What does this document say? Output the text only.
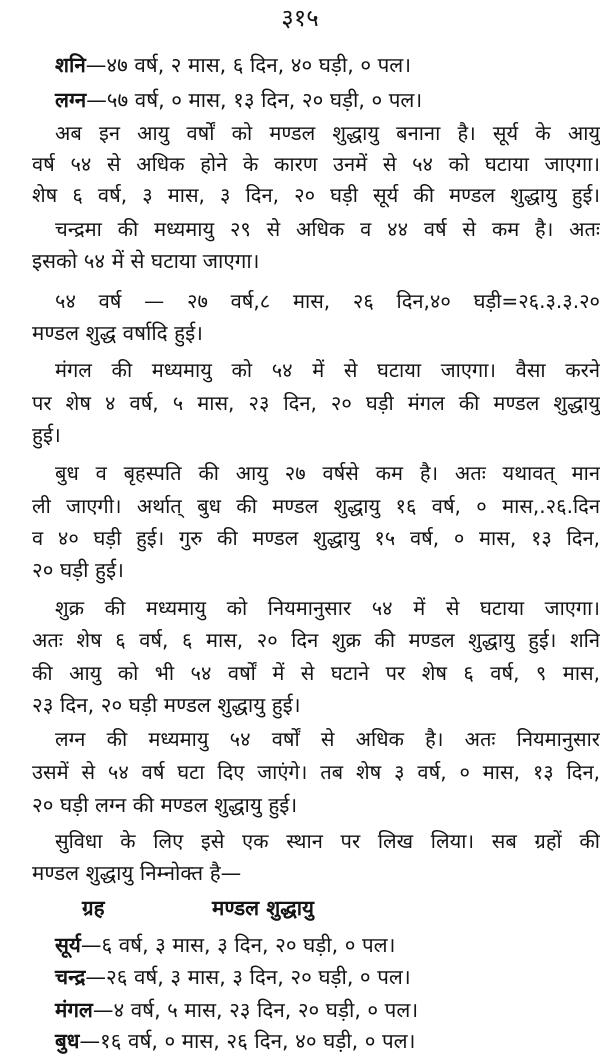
३१५
शनि—४७ वर्ष, २ मास, ६ दिन, ४० घड़ी, ० पल।
लग्न—५७ वर्ष, ० मास, १३ दिन, २० घड़ी, ० पल।
अब इन आयु वर्षों को मण्डल शुद्धायु बनाना है। सूर्य के आयु
वर्ष ५४ से अधिक होने के कारण उनमें से ५४ को घटाया जाएगा।
शेष ६ वर्ष, ३ मास, ३ दिन, २० घड़ी सूर्य की मण्डल शुद्धायु हुई।
चन्द्रमा की मध्यमायु २९ से अधिक व ४४ वर्ष से कम है। अतः
इसको ५४ में से घटाया जाएगा।
५४ वर्ष — २७ वर्ष,८ मास, २६ दिन,४० घड़ी=२६.३.३.२०
मण्डल शुद्ध वर्षादि हुई।
मंगल की मध्यमायु को ५४ में से घटाया जाएगा। वैसा करने
पर शेष ४ वर्ष, ५ मास, २३ दिन, २० घड़ी मंगल की मण्डल शुद्धायु
हुई।
बुध व बृहस्पति की आयु २७ वर्षसे कम है। अतः यथावत् मान
ली जाएगी। अर्थात् बुध की मण्डल शुद्धायु १६ वर्ष, ० मास,.२६.दिन
व ४० घड़ी हुई। गुरु की मण्डल शुद्धायु १५ वर्ष, ० मास, १३ दिन,
२० घड़ी हुई।
शुक्र की मध्यमायु को नियमानुसार ५४ में से घटाया जाएगा।
अतः शेष ६ वर्ष, ६ मास, २० दिन शुक्र की मण्डल शुद्धायु हुई। शनि
की आयु को भी ५४ वर्षों में से घटाने पर शेष ६ वर्ष, ९ मास,
२३ दिन, २० घड़ी मण्डल शुद्धायु हुई।
लग्न की मध्यमायु ५४ वर्षों से अधिक है। अतः नियमानुसार
उसमें से ५४ वर्ष घटा दिए जाएंगे। तब शेष ३ वर्ष, ० मास, १३ दिन,
२० घड़ी लग्न की मण्डल शुद्धायु हुई।
सुविधा के लिए इसे एक स्थान पर लिख लिया। सब ग्रहों की
मण्डल शुद्धायु निम्नोक्त है—
ग्रह	मण्डल शुद्धायु
सूर्य—६ वर्ष, ३ मास, ३ दिन, २० घड़ी, ० पल।
चन्द्र—२६ वर्ष, ३ मास, ३ दिन, २० घड़ी, ० पल।
मंगल—४ वर्ष, ५ मास, २३ दिन, २० घड़ी, ० पल।
बुध—१६ वर्ष, ० मास, २६ दिन, ४० घड़ी, ० पल।
